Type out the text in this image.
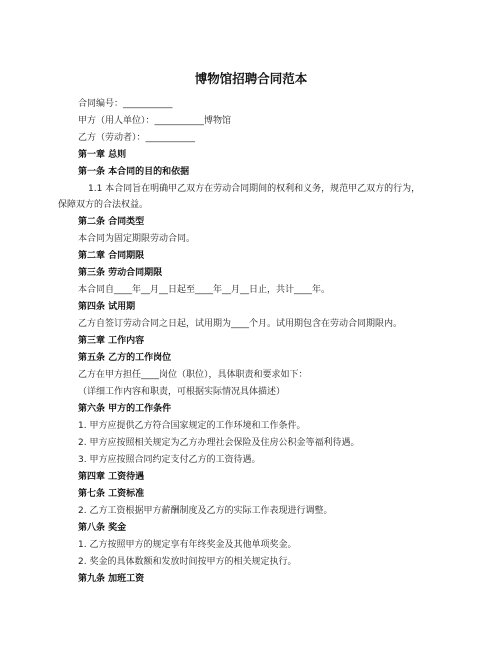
博物馆招聘合同范本
合同编号：___________
甲方（用人单位）：___________博物馆
乙方（劳动者）：___________
第一章 总则
第一条 本合同的目的和依据
1.1 本合同旨在明确甲乙双方在劳动合同期间的权利和义务，规范甲乙双方的行为，
保障双方的合法权益。
第二条 合同类型
本合同为固定期限劳动合同。
第二章 合同期限
第三条 劳动合同期限
本合同自____年__月__日起至____年__月__日止，共计____年。
第四条 试用期
乙方自签订劳动合同之日起，试用期为____个月。试用期包含在劳动合同期限内。
第三章 工作内容
第五条 乙方的工作岗位
乙方在甲方担任____岗位（职位），具体职责和要求如下：
（详细工作内容和职责，可根据实际情况具体描述）
第六条 甲方的工作条件
1. 甲方应提供乙方符合国家规定的工作环境和工作条件。
2. 甲方应按照相关规定为乙方办理社会保险及住房公积金等福利待遇。
3. 甲方应按照合同约定支付乙方的工资待遇。
第四章 工资待遇
第七条 工资标准
2. 乙方工资根据甲方薪酬制度及乙方的实际工作表现进行调整。
第八条 奖金
1. 乙方按照甲方的规定享有年终奖金及其他单项奖金。
2. 奖金的具体数额和发放时间按甲方的相关规定执行。
第九条 加班工资
